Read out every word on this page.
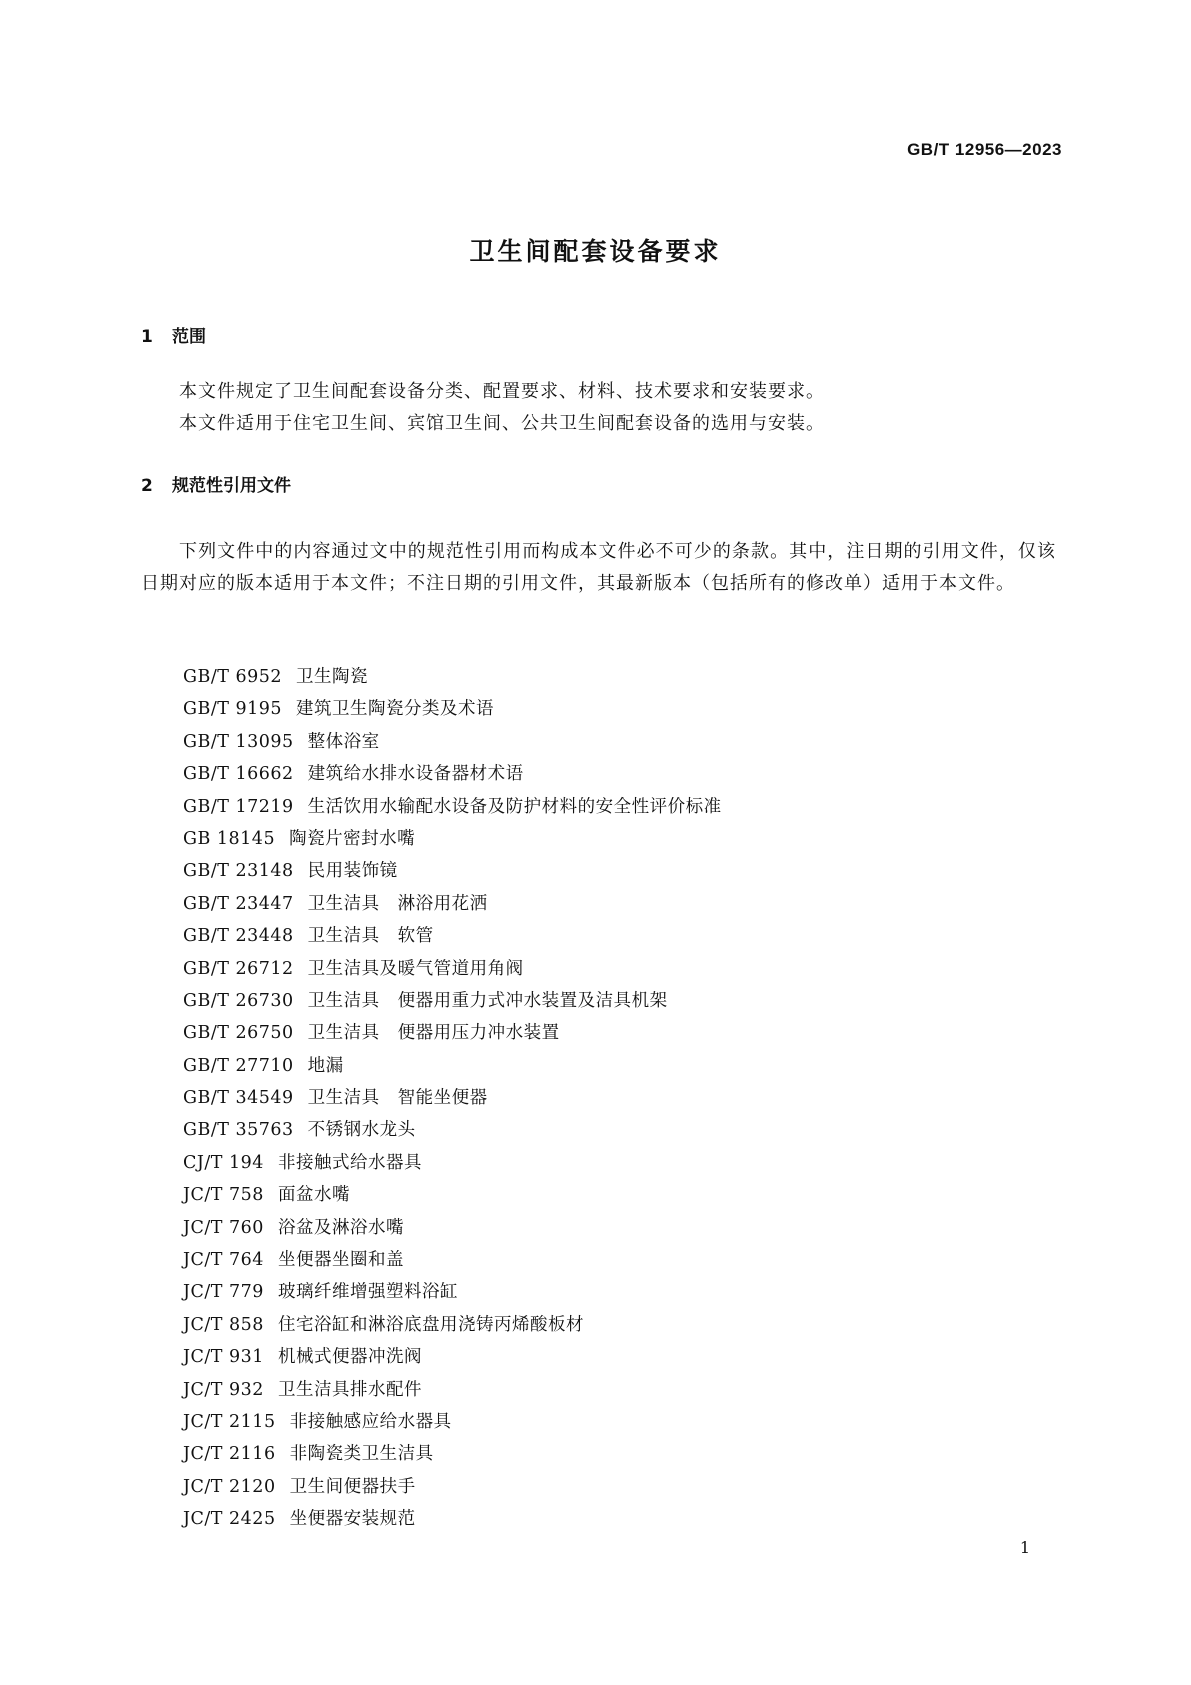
GB/T 12956—2023
卫生间配套设备要求
1 范围
本文件规定了卫生间配套设备分类、配置要求、材料、技术要求和安装要求。
本文件适用于住宅卫生间、宾馆卫生间、公共卫生间配套设备的选用与安装。
2 规范性引用文件
下列文件中的内容通过文中的规范性引用而构成本文件必不可少的条款。其中，注日期的引用文件，仅该日期对应的版本适用于本文件；不注日期的引用文件，其最新版本（包括所有的修改单）适用于本文件。
GB/T 6952 卫生陶瓷
GB/T 9195 建筑卫生陶瓷分类及术语
GB/T 13095 整体浴室
GB/T 16662 建筑给水排水设备器材术语
GB/T 17219 生活饮用水输配水设备及防护材料的安全性评价标准
GB 18145 陶瓷片密封水嘴
GB/T 23148 民用装饰镜
GB/T 23447 卫生洁具　淋浴用花洒
GB/T 23448 卫生洁具　软管
GB/T 26712 卫生洁具及暖气管道用角阀
GB/T 26730 卫生洁具　便器用重力式冲水装置及洁具机架
GB/T 26750 卫生洁具　便器用压力冲水装置
GB/T 27710 地漏
GB/T 34549 卫生洁具　智能坐便器
GB/T 35763 不锈钢水龙头
CJ/T 194 非接触式给水器具
JC/T 758 面盆水嘴
JC/T 760 浴盆及淋浴水嘴
JC/T 764 坐便器坐圈和盖
JC/T 779 玻璃纤维增强塑料浴缸
JC/T 858 住宅浴缸和淋浴底盘用浇铸丙烯酸板材
JC/T 931 机械式便器冲洗阀
JC/T 932 卫生洁具排水配件
JC/T 2115 非接触感应给水器具
JC/T 2116 非陶瓷类卫生洁具
JC/T 2120 卫生间便器扶手
JC/T 2425 坐便器安装规范
1
